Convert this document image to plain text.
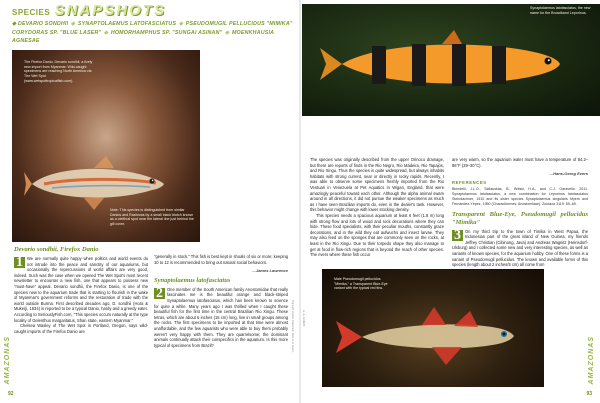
SPECIES SNAPSHOTS
◆ DEVARIO SONDHII ◆ SYNAPTOLAEMUS LATOFASCIATUS ◆ PSEUDOMUGIL PELLUCIDUS "MIMIKA"
CORYDORAS SP. "BLUE LASER" ◆ HOMORHAMPHUS SP. "SUNGAI ASINAN" ◆ MOENKHAUSIA AGNESAE
The Firefox Danio, Devario sondhii, a lively new import from Myanmar. Wild-caught specimens are reaching North America via The Wet Spot (www.wetspottropicalfish.com).
Note: This species is distinguished from similar Danios and Rasboras by a small black blotch known as a cleithral spot near the lateral line just behind the gill cover.
Synaptolaemus latofasciatus, the new name for the Broadband Leporinus.
Devario sondhii, Firefox Danio
1 We are normally quite happy when politics and world events do not intrude into the peace and sanctity of our aquariums, but occasionally the repercussions of world affairs are very good, indeed. Such was the case when we opened The Wet Spot's most recent newsletter to encounter a new fish, one that appears to possess new "must-have" appeal. Devario sondhii, the Firefox Danio, is one of the species new to the aquarium trade that is starting to flourish in the wake of Myanmar's government reforms and the restoration of trade with the world outside Burma. First described decades ago, D. sondhii (Hora & Mukerji, 1934) is reported to be a typical Danio, hardy and a greedy eater. According to SeriouslyFish.com, "This species occurs naturally at the type locality of Gelenthus margaritatus, Shan state, eastern Myanmar."
Chelsea Wasley of The Wet Spot in Portland, Oregon, says wild-caught imports of the Firefox Danio are
"generally in stock." This fish is best kept in shoals of six or more; keeping 10 to 12 is recommended to bring out natural social behaviors.
—James Lawrence
Synaptolaemus latofasciatus
2 One member of the South American family Anostomidae that really fascinates me is the beautiful orange and black-striped Synaptolaemus latofasciatus, which has been known to science for quite a while. Many years ago I was thrilled when I caught these beautiful fish for the first time in the central Brazilian Rio Xingu. These tetras, which are about 6 inches (15 cm) long, live in small groups among the rocks. The first specimens to be imported at that time were almost unaffordable, and the few aquarists who were able to buy them probably weren't very happy with them. They are quarrelsome; the dominant animals continually attack their conspecifics in the aquarium. Is this more typical of specimens from Brazil?
The species was originally described from the upper Orinoco drainage, but there are reports of finds in the Rio Negro, Rio Madeira, Rio Tapajós, and Rio Xingu. Thus the species is quite widespread, but always inhabits habitats with strong current, near or directly in rocky rapids. Recently, I was able to observe some specimens freshly imported from the Rio Ventuari in Venezuela at Pet Aquatics in Wigan, England, that were amazingly peaceful toward each other. Although the alpha animal swam around in all directions, it did not pursue the weaker specimens as much as I have seen Brazilian imports do, even in the dealer's tank. However, this behavior might change with lower stocking density.
This species needs a spacious aquarium at least 6 feet (1.8 m) long with strong flow and lots of wood and rock decorations where they can hide. These food specialists, with their peculiar mouths, constantly graze decorations, and in the wild they eat aufwuchs and insect larvae. They may also feed on the sponges that are commonly seen on the rocks, at least in the Rio Xingu. Due to their torpedo shape they also manage to get at food in flow-rich regions that is beyond the reach of other species. The rivers where these fish occur
are very warm, so the aquarium water must have a temperature of 84.2–86°F (29–30°C).
—Hans-Georg Evers
REFERENCES
Birindelli, J.L.O., Sidlauskas, B., Britski, H.A., and C.J. Garavello. 2011. Synaptolaemus latofasciatus, a new combination for Leporinus latofasciatus Steindachner, 1910 and its sister species Synaptolaemus singularis Myers and Fernández-Yépez, 1950 (Characiformes: Anostomidae). Zootaxa 3119: 59–65.
Transparent Blue-Eye, Pseudomugil pellucidus "Mimika"
3 On my third trip to the town of Timika in West Papua, the Indonesian part of the great island of New Guinea, my friends Jeffrey Christian (Cibinong, Java) and Andreas Wagnitz (Heinsdorf-Ulsburg) and I collected some new and very interesting species, as well as variants of known species, for the aquarium hobby. One of these forms is a variant of Pseudomugil pellucidus. The known and available forms of this species (length about 2 inches/5 cm) all come from
Male Pseudomugil pellucidus "Mimika," a Transparent Blue-Eye variant with the typical red fins.
Top Left: James Lawrence; Text: H.G. Evers	H.-G. EVERS
AMAZONAS	AMAZONAS
92	93
